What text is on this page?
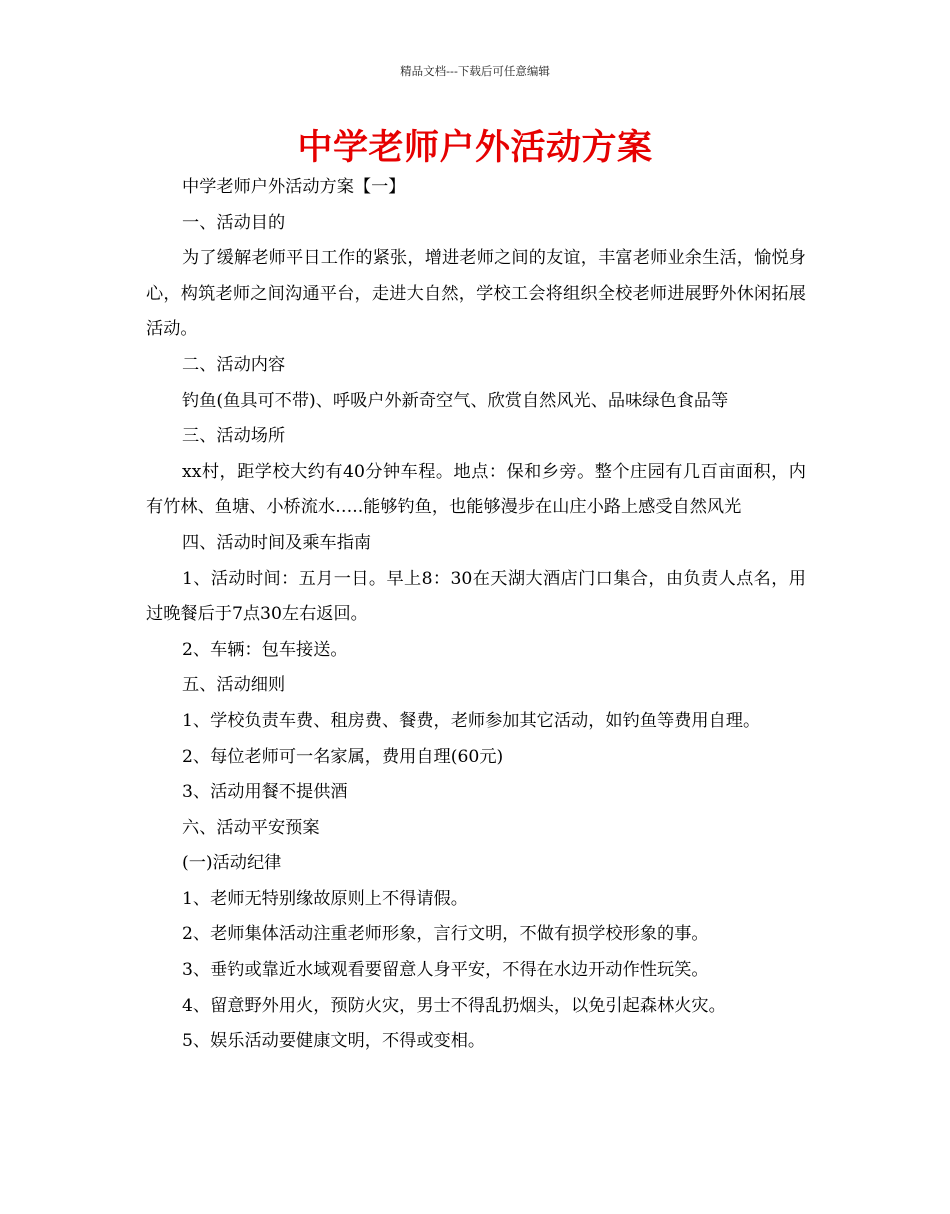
精品文档---下载后可任意编辑
中学老师户外活动方案

中学老师户外活动方案【一】

一、活动目的

为了缓解老师平日工作的紧张，增进老师之间的友谊，丰富老师业余生活，愉悦身心，构筑老师之间沟通平台，走进大自然，学校工会将组织全校老师进展野外休闲拓展活动。

二、活动内容

钓鱼(鱼具可不带)、呼吸户外新奇空气、欣赏自然风光、品味绿色食品等

三、活动场所

xx村，距学校大约有40分钟车程。地点：保和乡旁。整个庄园有几百亩面积，内有竹林、鱼塘、小桥流水…..能够钓鱼，也能够漫步在山庄小路上感受自然风光

四、活动时间及乘车指南

1、活动时间：五月一日。早上8：30在天湖大酒店门口集合，由负责人点名，用过晚餐后于7点30左右返回。

2、车辆：包车接送。

五、活动细则

1、学校负责车费、租房费、餐费，老师参加其它活动，如钓鱼等费用自理。

2、每位老师可一名家属，费用自理(60元)

3、活动用餐不提供酒

六、活动平安预案

(一)活动纪律

1、老师无特别缘故原则上不得请假。

2、老师集体活动注重老师形象，言行文明，不做有损学校形象的事。

3、垂钓或靠近水域观看要留意人身平安，不得在水边开动作性玩笑。

4、留意野外用火，预防火灾，男士不得乱扔烟头，以免引起森林火灾。

5、娱乐活动要健康文明，不得或变相。
